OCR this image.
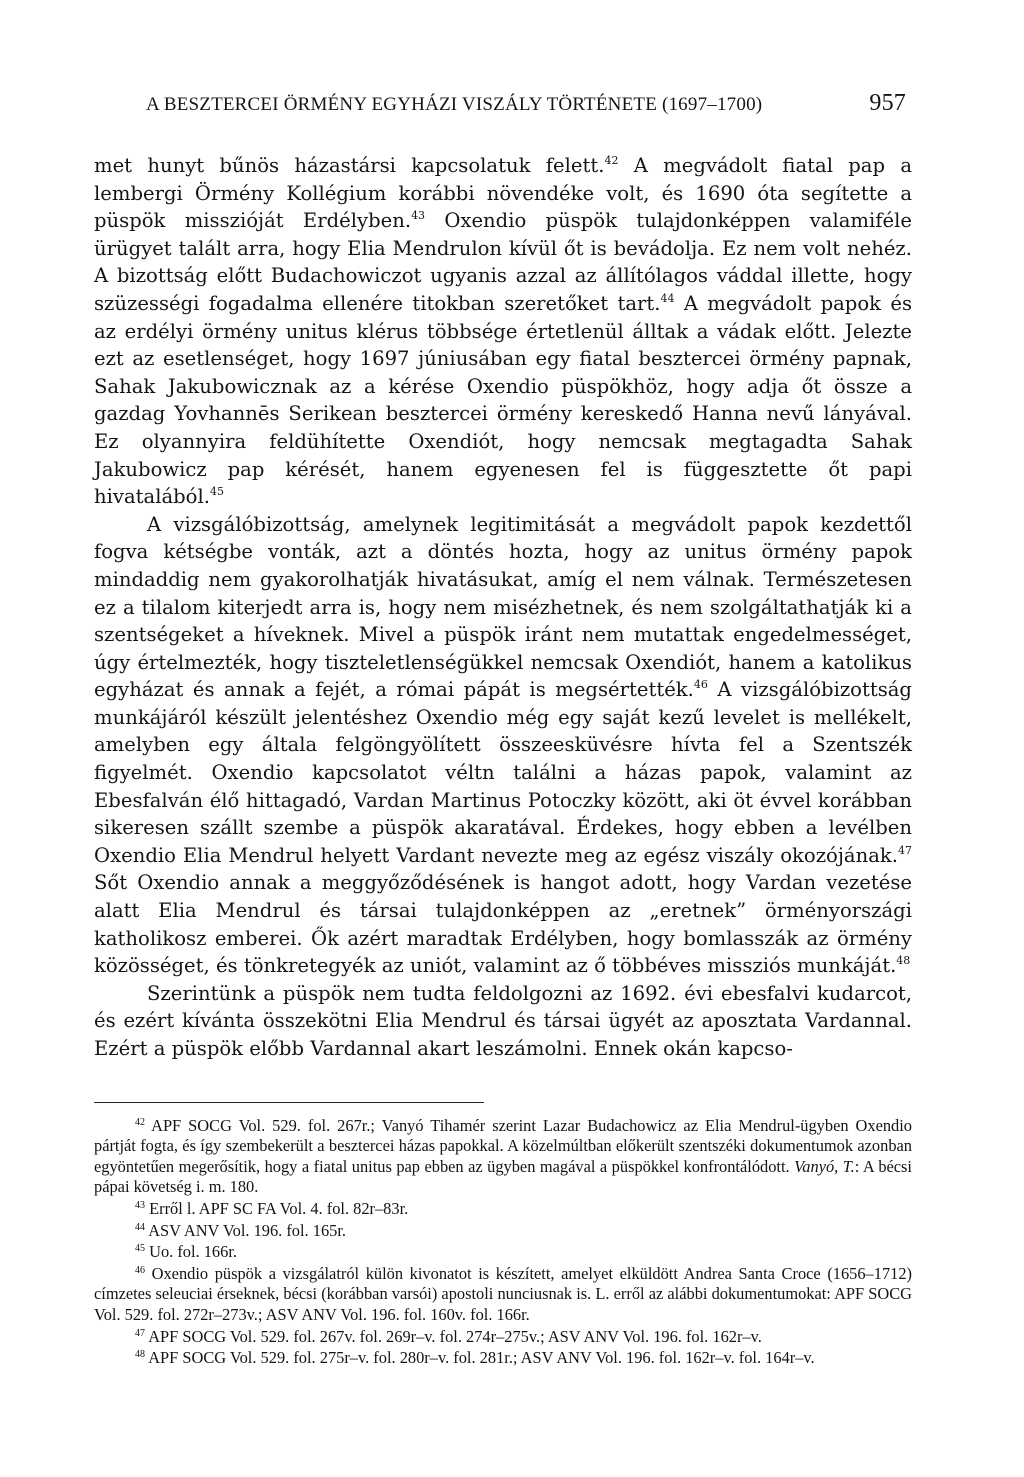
A BESZTERCEI ÖRMÉNY EGYHÁZI VISZÁLY TÖRTÉNETE (1697–1700)	957

met hunyt bűnös házastársi kapcsolatuk felett.$^{42}$ A megvádolt fiatal pap a lembergi Örmény Kollégium korábbi növendéke volt, és 1690 óta segítette a püspök misszióját Erdélyben.$^{43}$ Oxendio püspök tulajdonképpen valamiféle ürügyet talált arra, hogy Elia Mendrulon kívül őt is bevádolja. Ez nem volt nehéz. A bizottság előtt Budachowiczot ugyanis azzal az állítólagos váddal illette, hogy szüzességi fogadalma ellenére titokban szeretőket tart.$^{44}$ A megvádolt papok és az erdélyi örmény unitus klérus többsége értetlenül álltak a vádak előtt. Jelezte ezt az esetlenséget, hogy 1697 júniusában egy fiatal besztercei örmény papnak, Sahak Jakubowicznak az a kérése Oxendio püspökhöz, hogy adja őt össze a gazdag Yovhannēs Serikean besztercei örmény kereskedő Hanna nevű lányával. Ez olyannyira feldühítette Oxendiót, hogy nemcsak megtagadta Sahak Jakubowicz pap kérését, hanem egyenesen fel is függesztette őt papi hivatalából.$^{45}$

A vizsgálóbizottság, amelynek legitimitását a megvádolt papok kezdettől fogva kétségbe vonták, azt a döntés hozta, hogy az unitus örmény papok mindaddig nem gyakorolhatják hivatásukat, amíg el nem válnak. Természetesen ez a tilalom kiterjedt arra is, hogy nem misézhetnek, és nem szolgáltathatják ki a szentségeket a híveknek. Mivel a püspök iránt nem mutattak engedelmességet, úgy értelmezték, hogy tiszteletlenségükkel nemcsak Oxendiót, hanem a katolikus egyházat és annak a fejét, a római pápát is megsértették.$^{46}$ A vizsgálóbizottság munkájáról készült jelentéshez Oxendio még egy saját kezű levelet is mellékelt, amelyben egy általa felgöngyölített összeesküvésre hívta fel a Szentszék figyelmét. Oxendio kapcsolatot véltn találni a házas papok, valamint az Ebesfalván élő hittagadó, Vardan Martinus Potoczky között, aki öt évvel korábban sikeresen szállt szembe a püspök akaratával. Érdekes, hogy ebben a levélben Oxendio Elia Mendrul helyett Vardant nevezte meg az egész viszály okozójának.$^{47}$ Sőt Oxendio annak a meggyőződésének is hangot adott, hogy Vardan vezetése alatt Elia Mendrul és társai tulajdonképpen az „eretnek” örményországi katholikosz emberei. Ők azért maradtak Erdélyben, hogy bomlasszák az örmény közösséget, és tönkretegyék az uniót, valamint az ő többéves missziós munkáját.$^{48}$

Szerintünk a püspök nem tudta feldolgozni az 1692. évi ebesfalvi kudarcot, és ezért kívánta összekötni Elia Mendrul és társai ügyét az aposztata Vardannal. Ezért a püspök előbb Vardannal akart leszámolni. Ennek okán kapcso-

$^{42}$ APF SOCG Vol. 529. fol. 267r.; Vanyó Tihamér szerint Lazar Budachowicz az Elia Mendrul-ügyben Oxendio pártját fogta, és így szembekerült a besztercei házas papokkal. A közelmúltban előkerült szentszéki dokumentumok azonban egyöntetűen megerősítik, hogy a fiatal unitus pap ebben az ügyben magával a püspökkel konfrontálódott. Vanyó, T.: A bécsi pápai követség i. m. 180.

$^{43}$ Erről l. APF SC FA Vol. 4. fol. 82r–83r.

$^{44}$ ASV ANV Vol. 196. fol. 165r.

$^{45}$ Uo. fol. 166r.

$^{46}$ Oxendio püspök a vizsgálatról külön kivonatot is készített, amelyet elküldött Andrea Santa Croce (1656–1712) címzetes seleuciai érseknek, bécsi (korábban varsói) apostoli nunciusnak is. L. erről az alábbi dokumentumokat: APF SOCG Vol. 529. fol. 272r–273v.; ASV ANV Vol. 196. fol. 160v. fol. 166r.

$^{47}$ APF SOCG Vol. 529. fol. 267v. fol. 269r–v. fol. 274r–275v.; ASV ANV Vol. 196. fol. 162r–v.

$^{48}$ APF SOCG Vol. 529. fol. 275r–v. fol. 280r–v. fol. 281r.; ASV ANV Vol. 196. fol. 162r–v. fol. 164r–v.
